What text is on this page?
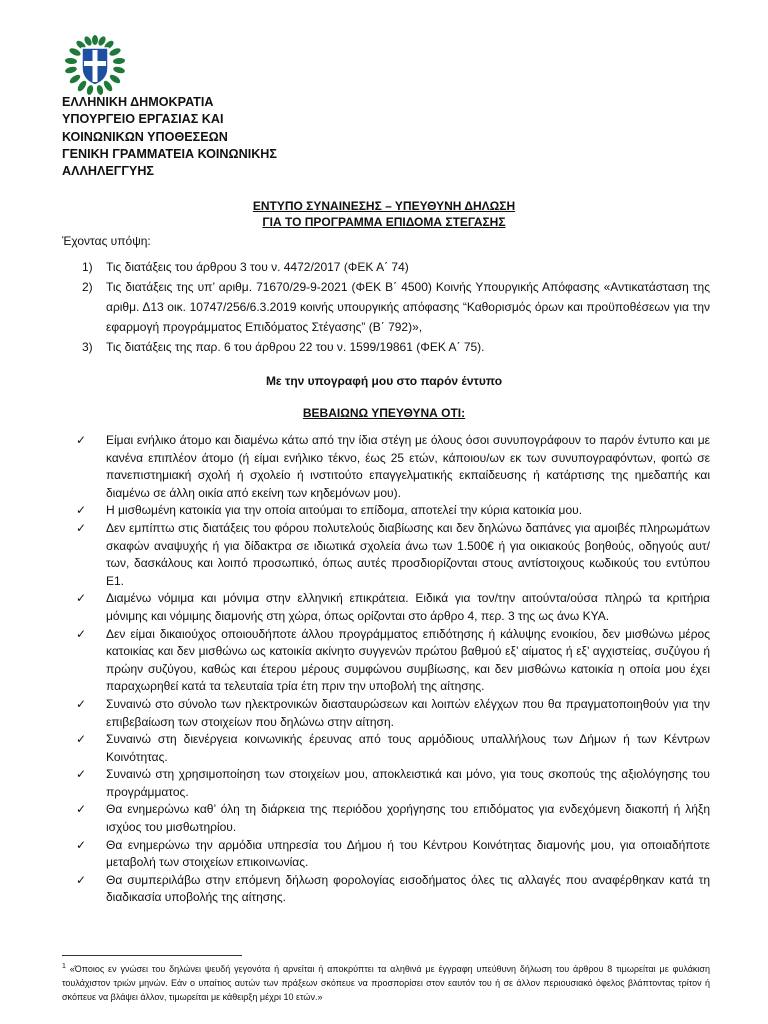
ΕΛΛΗΝΙΚΗ ΔΗΜΟΚΡΑΤΙΑ
ΥΠΟΥΡΓΕΙΟ ΕΡΓΑΣΙΑΣ ΚΑΙ
ΚΟΙΝΩΝΙΚΩΝ ΥΠΟΘΕΣΕΩΝ
ΓΕΝΙΚΗ ΓΡΑΜΜΑΤΕΙΑ ΚΟΙΝΩΝΙΚΗΣ
ΑΛΛΗΛΕΓΓΥΗΣ
ΕΝΤΥΠΟ ΣΥΝΑΙΝΕΣΗΣ – ΥΠΕΥΘΥΝΗ ΔΗΛΩΣΗ
ΓΙΑ ΤΟ ΠΡΟΓΡΑΜΜΑ ΕΠΙΔΟΜΑ ΣΤΕΓΑΣΗΣ
Έχοντας υπόψη:
1) Τις διατάξεις του άρθρου 3 του ν. 4472/2017 (ΦΕΚ Α΄ 74)
2) Τις διατάξεις της υπ’ αριθμ. 71670/29-9-2021 (ΦΕΚ Β΄ 4500) Κοινής Υπουργικής Απόφασης «Αντικατάσταση της αριθμ. Δ13 οικ. 10747/256/6.3.2019 κοινής υπουργικής απόφασης “Καθορισμός όρων και προϋποθέσεων για την εφαρμογή προγράμματος Επιδόματος Στέγασης” (Β΄ 792)»,
3) Τις διατάξεις της παρ. 6 του άρθρου 22 του ν. 1599/19861 (ΦΕΚ Α΄ 75).
Με την υπογραφή μου στο παρόν έντυπο
ΒΕΒΑΙΩΝΩ ΥΠΕΥΘΥΝΑ ΟΤΙ:
✓ Είμαι ενήλικο άτομο και διαμένω κάτω από την ίδια στέγη με όλους όσοι συνυπογράφουν το παρόν έντυπο και με κανένα επιπλέον άτομο (ή είμαι ενήλικο τέκνο, έως 25 ετών, κάποιου/ων εκ των συνυπογραφόντων, φοιτώ σε πανεπιστημιακή σχολή ή σχολείο ή ινστιτούτο επαγγελματικής εκπαίδευσης ή κατάρτισης της ημεδαπής και διαμένω σε άλλη οικία από εκείνη των κηδεμόνων μου).
✓ Η μισθωμένη κατοικία για την οποία αιτούμαι το επίδομα, αποτελεί την κύρια κατοικία μου.
✓ Δεν εμπίπτω στις διατάξεις του φόρου πολυτελούς διαβίωσης και δεν δηλώνω δαπάνες για αμοιβές πληρωμάτων σκαφών αναψυχής ή για δίδακτρα σε ιδιωτικά σχολεία άνω των 1.500€ ή για οικιακούς βοηθούς, οδηγούς αυτ/των, δασκάλους και λοιπό προσωπικό, όπως αυτές προσδιορίζονται στους αντίστοιχους κωδικούς του εντύπου Ε1.
✓ Διαμένω νόμιμα και μόνιμα στην ελληνική επικράτεια. Ειδικά για τον/την αιτούντα/ούσα πληρώ τα κριτήρια μόνιμης και νόμιμης διαμονής στη χώρα, όπως ορίζονται στο άρθρο 4, περ. 3 της ως άνω ΚΥΑ.
✓ Δεν είμαι δικαιούχος οποιουδήποτε άλλου προγράμματος επιδότησης ή κάλυψης ενοικίου, δεν μισθώνω μέρος κατοικίας και δεν μισθώνω ως κατοικία ακίνητο συγγενών πρώτου βαθμού εξ’ αίματος ή εξ’ αγχιστείας, συζύγου ή πρώην συζύγου, καθώς και έτερου μέρους συμφώνου συμβίωσης, και δεν μισθώνω κατοικία η οποία μου έχει παραχωρηθεί κατά τα τελευταία τρία έτη πριν την υποβολή της αίτησης.
✓ Συναινώ στο σύνολο των ηλεκτρονικών διασταυρώσεων και λοιπών ελέγχων που θα πραγματοποιηθούν για την επιβεβαίωση των στοιχείων που δηλώνω στην αίτηση.
✓ Συναινώ στη διενέργεια κοινωνικής έρευνας από τους αρμόδιους υπαλλήλους των Δήμων ή των Κέντρων Κοινότητας.
✓ Συναινώ στη χρησιμοποίηση των στοιχείων μου, αποκλειστικά και μόνο, για τους σκοπούς της αξιολόγησης του προγράμματος.
✓ Θα ενημερώνω καθ’ όλη τη διάρκεια της περιόδου χορήγησης του επιδόματος για ενδεχόμενη διακοπή ή λήξη ισχύος του μισθωτηρίου.
✓ Θα ενημερώνω την αρμόδια υπηρεσία του Δήμου ή του Κέντρου Κοινότητας διαμονής μου, για οποιαδήποτε μεταβολή των στοιχείων επικοινωνίας.
✓ Θα συμπεριλάβω στην επόμενη δήλωση φορολογίας εισοδήματος όλες τις αλλαγές που αναφέρθηκαν κατά τη διαδικασία υποβολής της αίτησης.
$^1$ «Όποιος εν γνώσει του δηλώνει ψευδή γεγονότα ή αρνείται ή αποκρύπτει τα αληθινά με έγγραφη υπεύθυνη δήλωση του άρθρου 8 τιμωρείται με φυλάκιση τουλάχιστον τριών μηνών. Εάν ο υπαίτιος αυτών των πράξεων σκόπευε να προσπορίσει στον εαυτόν του ή σε άλλον περιουσιακό όφελος βλάπτοντας τρίτον ή σκόπευε να βλάψει άλλον, τιμωρείται με κάθειρξη μέχρι 10 ετών.»
